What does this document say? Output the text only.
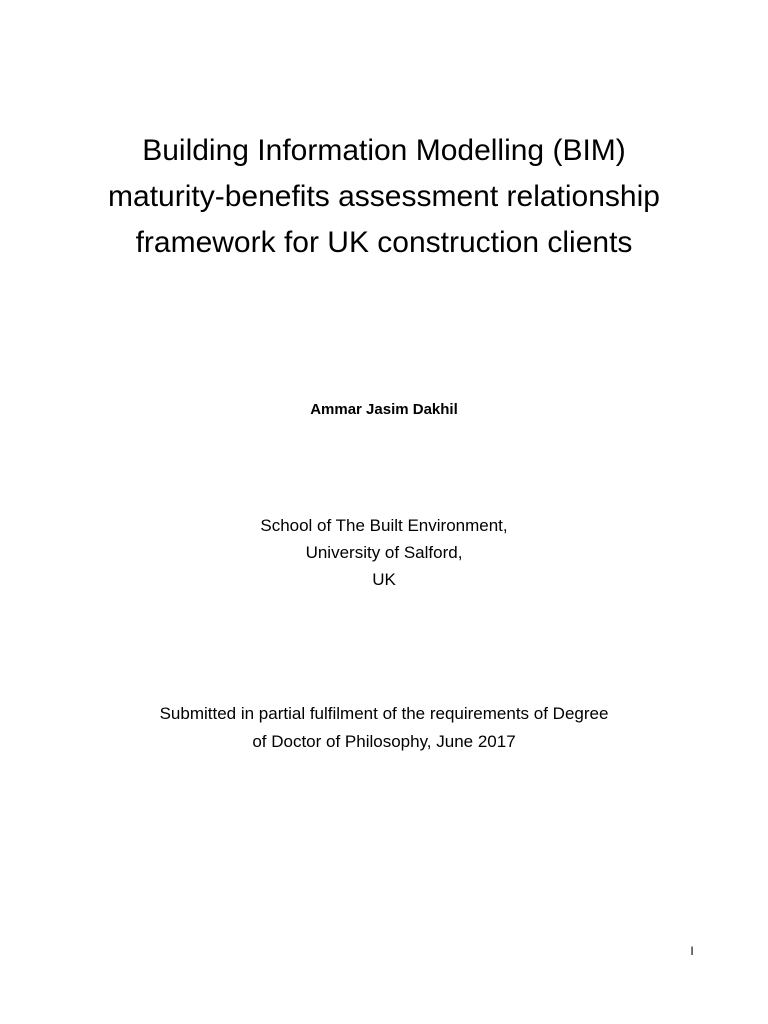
Building Information Modelling (BIM)
maturity-benefits assessment relationship
framework for UK construction clients

Ammar Jasim Dakhil

School of The Built Environment,
University of Salford,
UK

Submitted in partial fulfilment of the requirements of Degree
of Doctor of Philosophy, June 2017

I
